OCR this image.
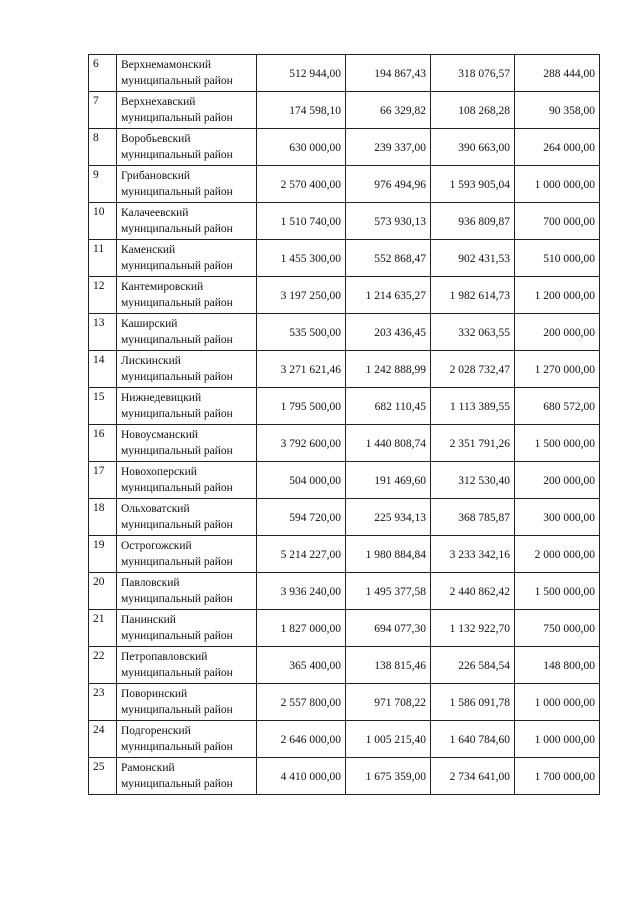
6	Верхнемамонский
муниципальный район	512 944,00	194 867,43	318 076,57	288 444,00
7	Верхнехавский
муниципальный район	174 598,10	66 329,82	108 268,28	90 358,00
8	Воробьевский
муниципальный район	630 000,00	239 337,00	390 663,00	264 000,00
9	Грибановский
муниципальный район	2 570 400,00	976 494,96	1 593 905,04	1 000 000,00
10	Калачеевский
муниципальный район	1 510 740,00	573 930,13	936 809,87	700 000,00
11	Каменский
муниципальный район	1 455 300,00	552 868,47	902 431,53	510 000,00
12	Кантемировский
муниципальный район	3 197 250,00	1 214 635,27	1 982 614,73	1 200 000,00
13	Каширский
муниципальный район	535 500,00	203 436,45	332 063,55	200 000,00
14	Лискинский
муниципальный район	3 271 621,46	1 242 888,99	2 028 732,47	1 270 000,00
15	Нижнедевицкий
муниципальный район	1 795 500,00	682 110,45	1 113 389,55	680 572,00
16	Новоусманский
муниципальный район	3 792 600,00	1 440 808,74	2 351 791,26	1 500 000,00
17	Новохоперский
муниципальный район	504 000,00	191 469,60	312 530,40	200 000,00
18	Ольховатский
муниципальный район	594 720,00	225 934,13	368 785,87	300 000,00
19	Острогожский
муниципальный район	5 214 227,00	1 980 884,84	3 233 342,16	2 000 000,00
20	Павловский
муниципальный район	3 936 240,00	1 495 377,58	2 440 862,42	1 500 000,00
21	Панинский
муниципальный район	1 827 000,00	694 077,30	1 132 922,70	750 000,00
22	Петропавловский
муниципальный район	365 400,00	138 815,46	226 584,54	148 800,00
23	Поворинский
муниципальный район	2 557 800,00	971 708,22	1 586 091,78	1 000 000,00
24	Подгоренский
муниципальный район	2 646 000,00	1 005 215,40	1 640 784,60	1 000 000,00
25	Рамонский
муниципальный район	4 410 000,00	1 675 359,00	2 734 641,00	1 700 000,00
